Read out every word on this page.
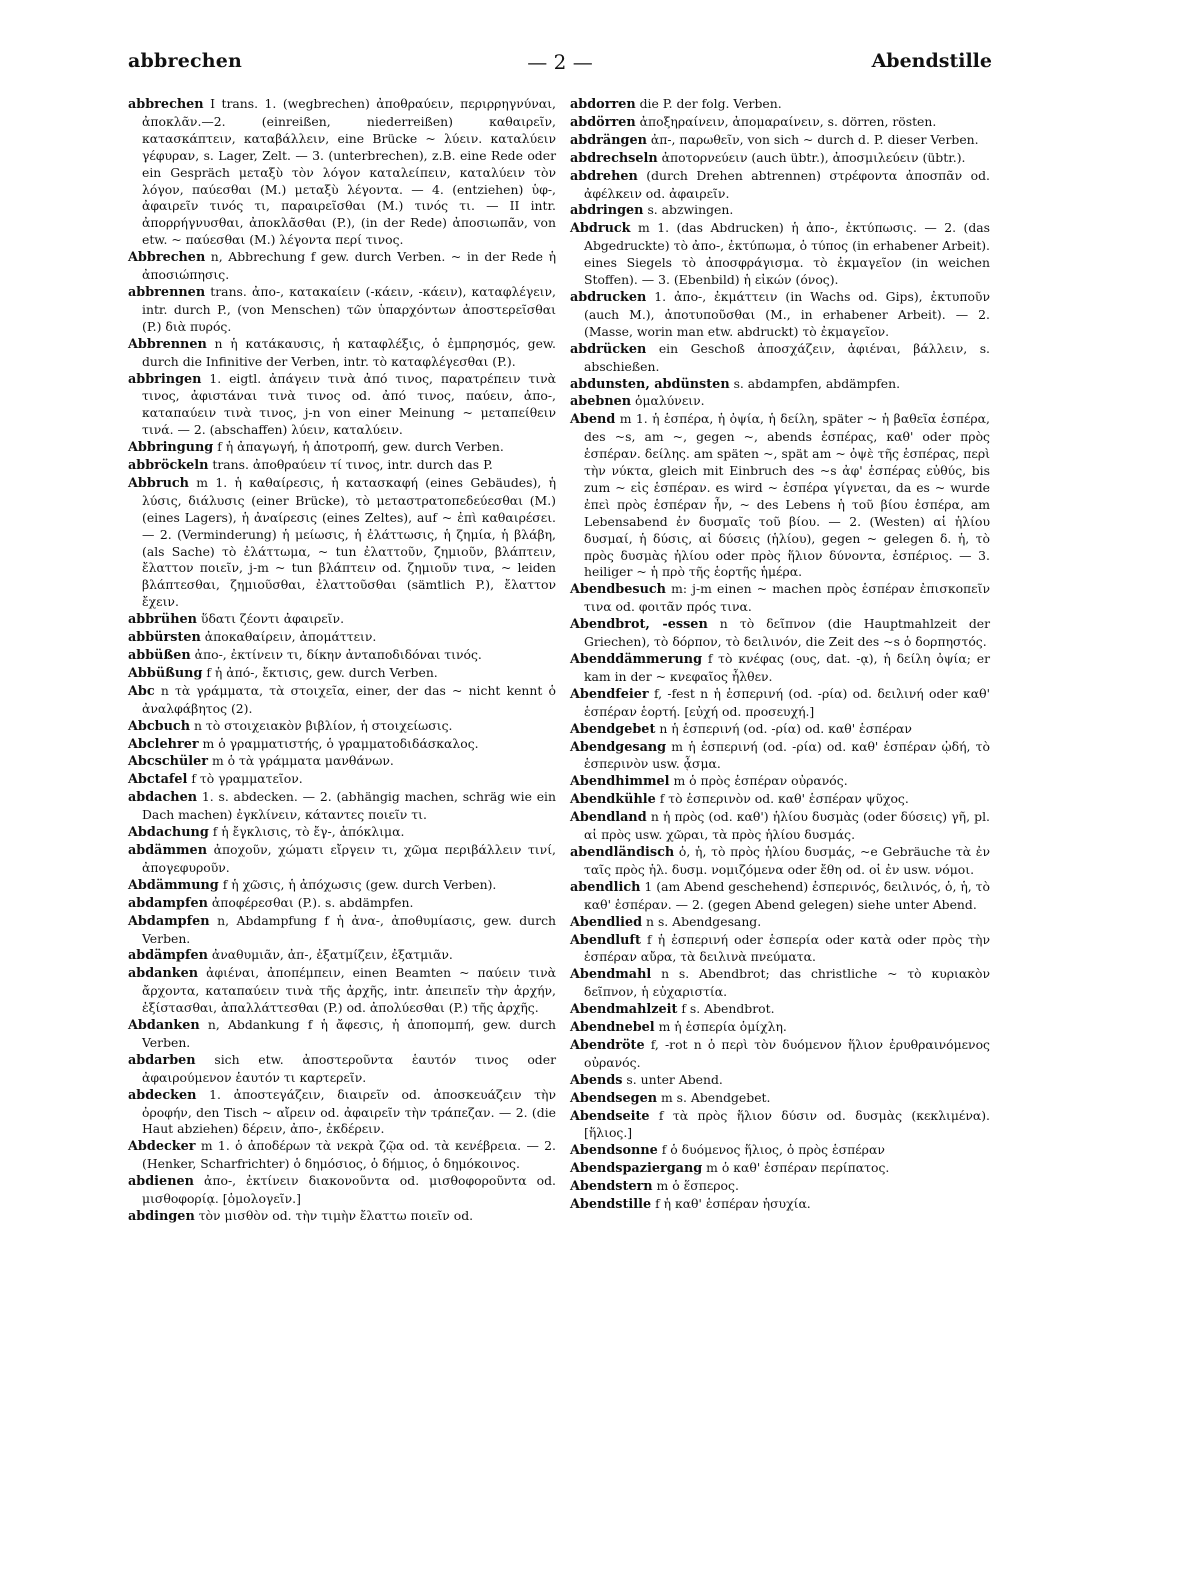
abbrechen	— 2 —	Abendstille

abbrechen I trans. 1. (wegbrechen) ἀποθραύειν, περιρρηγνύναι, ἀποκλᾶν.—2. (einreißen, niederreißen) καθαιρεῖν, κατασκάπτειν, καταβάλλειν, eine Brücke ~ λύειν. καταλύειν γέφυραν, s. Lager, Zelt. — 3. (unterbrechen), z.B. eine Rede oder ein Gespräch μεταξὺ τὸν λόγον καταλείπειν, καταλύειν τὸν λόγον, παύεσθαι (M.) μεταξὺ λέγοντα. — 4. (entziehen) ὑφ-, ἀφαιρεῖν τινός τι, παραιρεῖσθαι (M.) τινός τι. — II intr. ἀπορρήγνυσθαι, ἀποκλᾶσθαι (P.), (in der Rede) ἀποσιωπᾶν, von etw. ~ παύεσθαι (M.) λέγοντα περί τινος.

Abbrechen n, Abbrechung f gew. durch Verben. ~ in der Rede ἡ ἀποσιώπησις.

abbrennen trans. ἀπο-, κατακαίειν (-κάειν, -κάειν), καταφλέγειν, intr. durch P., (von Menschen) τῶν ὑπαρχόντων ἀποστερεῖσθαι (P.) διὰ πυρός.

Abbrennen n ἡ κατάκαυσις, ἡ καταφλέξις, ὁ ἐμπρησμός, gew. durch die Infinitive der Verben, intr. τὸ καταφλέγεσθαι (P.).

abbringen 1. eigtl. ἀπάγειν τινὰ ἀπό τινος, παρατρέπειν τινὰ τινος, ἀφιστάναι τινὰ τινος od. ἀπό τινος, παύειν, ἀπο-, καταπαύειν τινὰ τινος, j-n von einer Meinung ~ μεταπείθειν τινά. — 2. (abschaffen) λύειν, καταλύειν.

Abbringung f ἡ ἀπαγωγή, ἡ ἀποτροπή, gew. durch Verben.

abbröckeln trans. ἀποθραύειν τί τινος, intr. durch das P.

Abbruch m 1. ἡ καθαίρεσις, ἡ κατασκαφή (eines Gebäudes), ἡ λύσις, διάλυσις (einer Brücke), τὸ μεταστρατοπεδεύεσθαι (M.) (eines Lagers), ἡ ἀναίρεσις (eines Zeltes), auf ~ ἐπὶ καθαιρέσει. — 2. (Verminderung) ἡ μείωσις, ἡ ἐλάττωσις, ἡ ζημία, ἡ βλάβη, (als Sache) τὸ ἐλάττωμα, ~ tun ἐλαττοῦν, ζημιοῦν, βλάπτειν, ἔλαττον ποιεῖν, j-m ~ tun βλάπτειν od. ζημιοῦν τινα, ~ leiden βλάπτεσθαι, ζημιοῦσθαι, ἐλαττοῦσθαι (sämtlich P.), ἔλαττον ἔχειν.

abbrühen ὕδατι ζέοντι ἀφαιρεῖν.

abbürsten ἀποκαθαίρειν, ἀπομάττειν.

abbüßen ἀπο-, ἐκτίνειν τι, δίκην ἀνταποδιδόναι τινός.

Abbüßung f ἡ ἀπό-, ἔκτισις, gew. durch Verben.

Abc n τὰ γράμματα, τὰ στοιχεῖα, einer, der das ~ nicht kennt ὁ ἀναλφάβητος (2).

Abcbuch n τὸ στοιχειακὸν βιβλίον, ἡ στοιχείωσις.

Abclehrer m ὁ γραμματιστής, ὁ γραμματοδιδάσκαλος.

Abcschüler m ὁ τὰ γράμματα μανθάνων.

Abctafel f τὸ γραμματεῖον.

abdachen 1. s. abdecken. — 2. (abhängig machen, schräg wie ein Dach machen) ἐγκλίνειν, κάταντες ποιεῖν τι.

Abdachung f ἡ ἔγκλισις, τὸ ἔγ-, ἀπόκλιμα.

abdämmen ἀποχοῦν, χώματι εἴργειν τι, χῶμα περιβάλλειν τινί, ἀπογεφυροῦν.

Abdämmung f ἡ χῶσις, ἡ ἀπόχωσις (gew. durch Verben).

abdampfen ἀποφέρεσθαι (P.). s. abdämpfen.

Abdampfen n, Abdampfung f ἡ ἀνα-, ἀποθυμίασις, gew. durch Verben.

abdämpfen ἀναθυμιᾶν, ἀπ-, ἐξατμίζειν, ἐξατμιᾶν.

abdanken ἀφιέναι, ἀποπέμπειν, einen Beamten ~ παύειν τινὰ ἄρχοντα, καταπαύειν τινὰ τῆς ἀρχῆς, intr. ἀπειπεῖν τὴν ἀρχήν, ἐξίστασθαι, ἀπαλλάττεσθαι (P.) od. ἀπολύεσθαι (P.) τῆς ἀρχῆς.

Abdanken n, Abdankung f ἡ ἄφεσις, ἡ ἀποπομπή, gew. durch Verben.

abdarben sich etw. ἀποστεροῦντα ἑαυτόν τινος oder ἀφαιρούμενον ἑαυτόν τι καρτερεῖν.

abdecken 1. ἀποστεγάζειν, διαιρεῖν od. ἀποσκευάζειν τὴν ὀροφήν, den Tisch ~ αἴρειν od. ἀφαιρεῖν τὴν τράπεζαν. — 2. (die Haut abziehen) δέρειν, ἀπο-, ἐκδέρειν.

Abdecker m 1. ὁ ἀποδέρων τὰ νεκρὰ ζῷα od. τὰ κενέβρεια. — 2. (Henker, Scharfrichter) ὁ δημόσιος, ὁ δήμιος, ὁ δημόκοινος.

abdienen ἀπο-, ἐκτίνειν διακονοῦντα od. μισθοφοροῦντα od. μισθοφορίᾳ. [ὁμολογεῖν.]

abdingen τὸν μισθὸν od. τὴν τιμὴν ἔλαττω ποιεῖν od.

abdorren die P. der folg. Verben.

abdörren ἀποξηραίνειν, ἀπομαραίνειν, s. dörren, rösten.

abdrängen ἀπ-, παρωθεῖν, von sich ~ durch d. P. dieser Verben.

abdrechseln ἀποτορνεύειν (auch übtr.), ἀποσμιλεύειν (übtr.).

abdrehen (durch Drehen abtrennen) στρέφοντα ἀποσπᾶν od. ἀφέλκειν od. ἀφαιρεῖν.

abdringen s. abzwingen.

Abdruck m 1. (das Abdrucken) ἡ ἀπο-, ἐκτύπωσις. — 2. (das Abgedruckte) τὸ ἀπο-, ἐκτύπωμα, ὁ τύπος (in erhabener Arbeit). eines Siegels τὸ ἀποσφράγισμα. τὸ ἐκμαγεῖον (in weichen Stoffen). — 3. (Ebenbild) ἡ εἰκών (όνος).

abdrucken 1. ἀπο-, ἐκμάττειν (in Wachs od. Gips), ἐκτυποῦν (auch M.), ἀποτυποῦσθαι (M., in erhabener Arbeit). — 2. (Masse, worin man etw. abdruckt) τὸ ἐκμαγεῖον.

abdrücken ein Geschoß ἀποσχάζειν, ἀφιέναι, βάλλειν, s. abschießen.

abdunsten, abdünsten s. abdampfen, abdämpfen.

abebnen ὁμαλύνειν.

Abend m 1. ἡ ἑσπέρα, ἡ ὀψία, ἡ δείλη, später ~ ἡ βαθεῖα ἑσπέρα, des ~s, am ~, gegen ~, abends ἑσπέρας, καθ' oder πρὸς ἑσπέραν. δείλης. am späten ~, spät am ~ ὀψὲ τῆς ἑσπέρας, περὶ τὴν νύκτα, gleich mit Einbruch des ~s ἀφ' ἑσπέρας εὐθύς, bis zum ~ εἰς ἑσπέραν. es wird ~ ἑσπέρα γίγνεται, da es ~ wurde ἐπεὶ πρὸς ἑσπέραν ἦν, ~ des Lebens ἡ τοῦ βίου ἑσπέρα, am Lebensabend ἐν δυσμαῖς τοῦ βίου. — 2. (Westen) αἱ ἡλίου δυσμαί, ἡ δύσις, αἱ δύσεις (ἡλίου), gegen ~ gelegen δ. ἡ, τὸ πρὸς δυσμὰς ἡλίου oder πρὸς ἥλιον δύνοντα, ἑσπέριος. — 3. heiliger ~ ἡ πρὸ τῆς ἑορτῆς ἡμέρα.

Abendbesuch m: j-m einen ~ machen πρὸς ἑσπέραν ἐπισκοπεῖν τινα od. φοιτᾶν πρός τινα.

Abendbrot, -essen n τὸ δεῖπνον (die Hauptmahlzeit der Griechen), τὸ δόρπον, τὸ δειλινόν, die Zeit des ~s ὁ δορπηστός.

Abenddämmerung f τὸ κνέφας (ους, dat. -ᾳ), ἡ δείλη ὀψία; er kam in der ~ κνεφαῖος ἦλθεν.

Abendfeier f, -fest n ἡ ἑσπερινή (od. -ρία) od. δειλινή oder καθ' ἑσπέραν ἑορτή. [εὐχή od. προσευχή.]

Abendgebet n ἡ ἑσπερινή (od. -ρία) od. καθ' ἑσπέραν

Abendgesang m ἡ ἑσπερινή (od. -ρία) od. καθ' ἑσπέραν ᾠδή, τὸ ἑσπερινὸν usw. ᾆσμα.

Abendhimmel m ὁ πρὸς ἑσπέραν οὐρανός.

Abendkühle f τὸ ἑσπερινὸν od. καθ' ἑσπέραν ψῦχος.

Abendland n ἡ πρὸς (od. καθ') ἡλίου δυσμὰς (oder δύσεις) γῆ, pl. αἱ πρὸς usw. χῶραι, τὰ πρὸς ἡλίου δυσμάς.

abendländisch ὁ, ἡ, τὸ πρὸς ἡλίου δυσμάς, ~e Gebräuche τὰ ἐν ταῖς πρὸς ἡλ. δυσμ. νομιζόμενα oder ἔθη od. οἱ ἐν usw. νόμοι.

abendlich 1 (am Abend geschehend) ἑσπερινός, δειλινός, ὁ, ἡ, τὸ καθ' ἑσπέραν. — 2. (gegen Abend gelegen) siehe unter Abend.

Abendlied n s. Abendgesang.

Abendluft f ἡ ἑσπερινή oder ἑσπερία oder κατὰ oder πρὸς τὴν ἑσπέραν αὔρα, τὰ δειλινὰ πνεύματα.

Abendmahl n s. Abendbrot; das christliche ~ τὸ κυριακὸν δεῖπνον, ἡ εὐχαριστία.

Abendmahlzeit f s. Abendbrot.

Abendnebel m ἡ ἑσπερία ὁμίχλη.

Abendröte f, -rot n ὁ περὶ τὸν δυόμενον ἥλιον ἐρυθραινόμενος οὐρανός.

Abends s. unter Abend.

Abendsegen m s. Abendgebet.

Abendseite f τὰ πρὸς ἥλιον δύσιν od. δυσμὰς (κεκλιμένα). [ἥλιος.]

Abendsonne f ὁ δυόμενος ἥλιος, ὁ πρὸς ἑσπέραν

Abendspaziergang m ὁ καθ' ἑσπέραν περίπατος.

Abendstern m ὁ ἕσπερος.

Abendstille f ἡ καθ' ἑσπέραν ἡσυχία.
